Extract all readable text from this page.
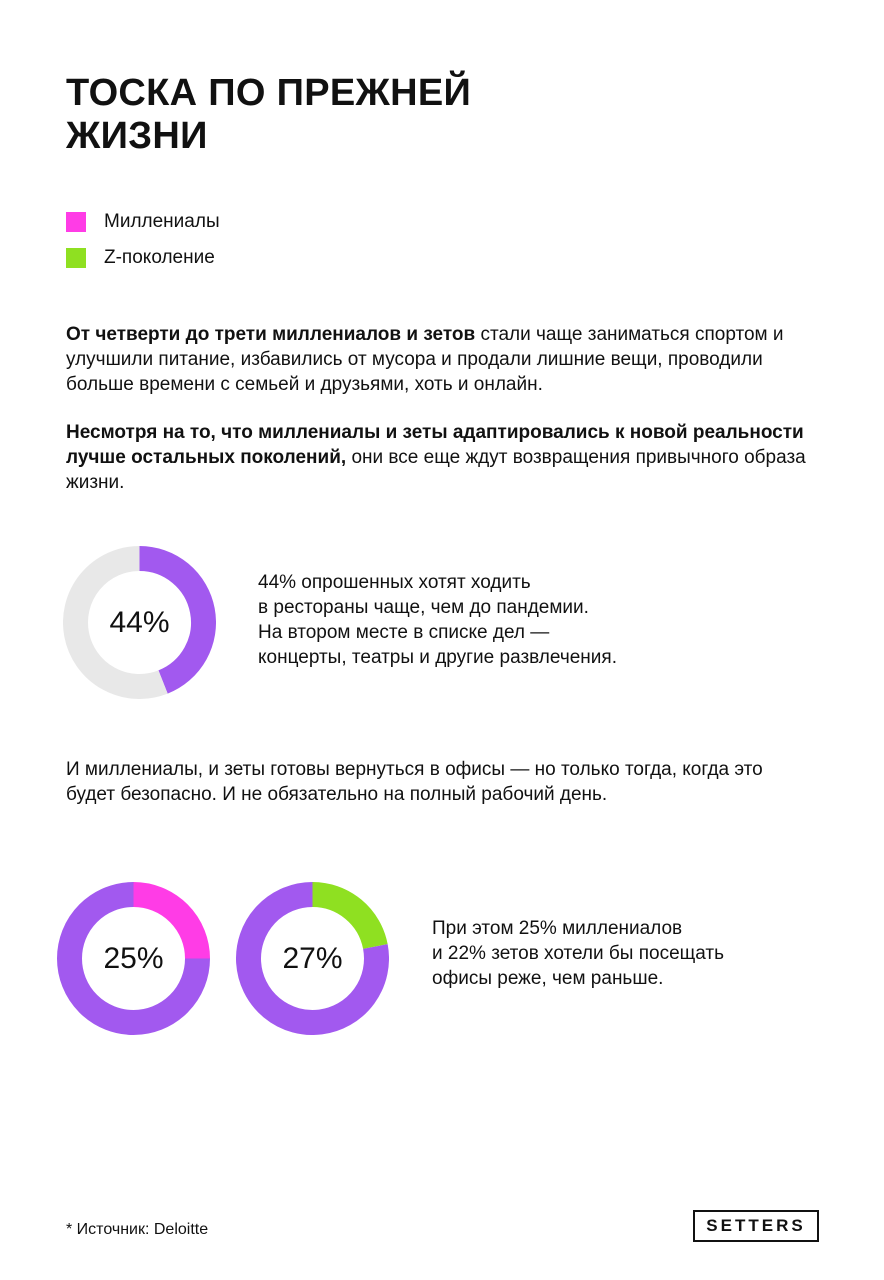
ТОСКА ПО ПРЕЖНЕЙ
ЖИЗНИ
Миллениалы
Z-поколение

От четверти до трети миллениалов и зетов стали чаще заниматься спортом и улучшили питание, избавились от мусора и продали лишние вещи, проводили больше времени с семьей и друзьями, хоть и онлайн.

Несмотря на то, что миллениалы и зеты адаптировались к новой реальности лучше остальных поколений, они все еще ждут возвращения привычного образа жизни.

44%

44% опрошенных хотят ходить
в рестораны чаще, чем до пандемии.
На втором месте в списке дел —
концерты, театры и другие развлечения.

И миллениалы, и зеты готовы вернуться в офисы — но только тогда, когда это будет безопасно. И не обязательно на полный рабочий день.

25%	27%

При этом 25% миллениалов
и 22% зетов хотели бы посещать
офисы реже, чем раньше.

* Источник: Deloitte	SETTERS
